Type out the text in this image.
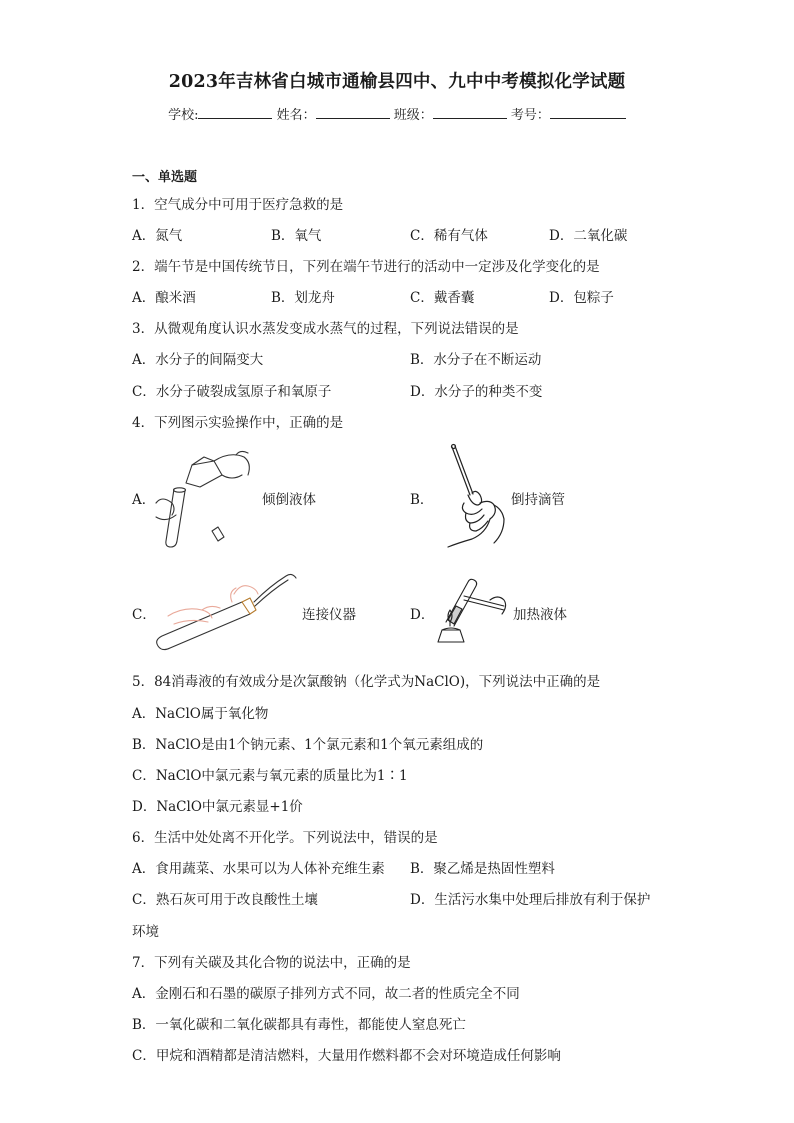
2023年吉林省白城市通榆县四中、九中中考模拟化学试题
学校:	姓名：	班级：	考号：
一、单选题
1．空气成分中可用于医疗急救的是
A．氮气	B．氧气	C．稀有气体	D．二氧化碳
2．端午节是中国传统节日，下列在端午节进行的活动中一定涉及化学变化的是
A．酿米酒	B．划龙舟	C．戴香囊	D．包粽子
3．从微观角度认识水蒸发变成水蒸气的过程，下列说法错误的是
A．水分子的间隔变大	B．水分子在不断运动
C．水分子破裂成氢原子和氧原子	D．水分子的种类不变
4．下列图示实验操作中，正确的是
A．	倾倒液体	B．	倒持滴管
C．	连接仪器	D．	加热液体
5．84消毒液的有效成分是次氯酸钠（化学式为NaClO)，下列说法中正确的是
A．NaClO属于氧化物
B．NaClO是由1个钠元素、1个氯元素和1个氧元素组成的
C．NaClO中氯元素与氧元素的质量比为1∶1
D．NaClO中氯元素显+1价
6．生活中处处离不开化学。下列说法中，错误的是
A．食用蔬菜、水果可以为人体补充维生素 B．聚乙烯是热固性塑料
C．熟石灰可用于改良酸性土壤	D．生活污水集中处理后排放有利于保护
环境
7．下列有关碳及其化合物的说法中，正确的是
A．金刚石和石墨的碳原子排列方式不同，故二者的性质完全不同
B．一氧化碳和二氧化碳都具有毒性，都能使人窒息死亡
C．甲烷和酒精都是清洁燃料，大量用作燃料都不会对环境造成任何影响
